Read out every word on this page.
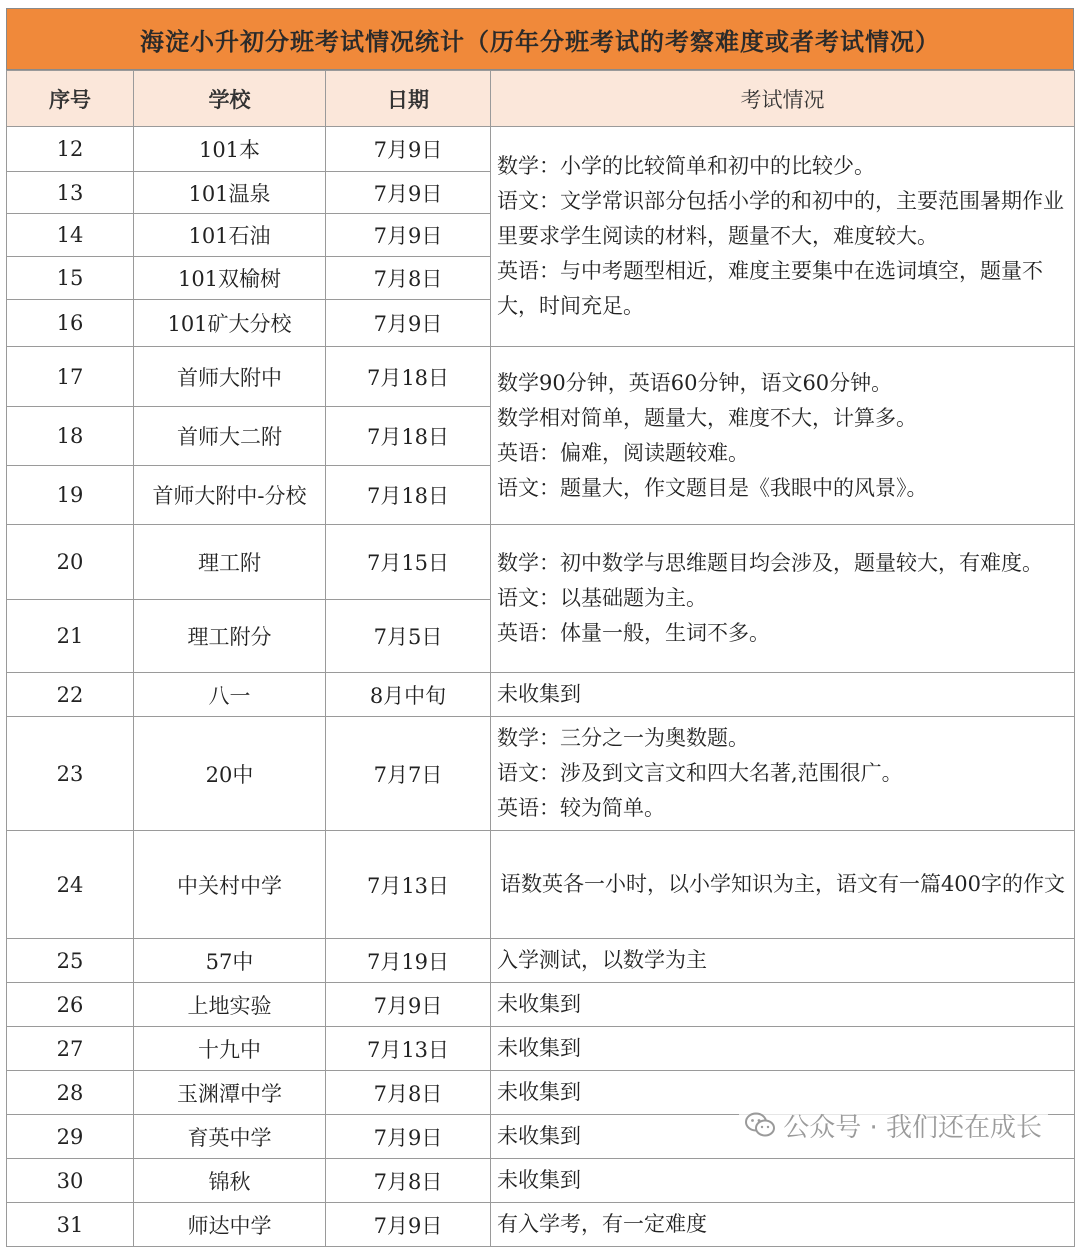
海淀小升初分班考试情况统计（历年分班考试的考察难度或者考试情况）
序号	学校	日期	考试情况
12	101本	7月9日	数学：小学的比较简单和初中的比较少。
语文：文学常识部分包括小学的和初中的，主要范围暑期作业里要求学生阅读的材料，题量不大，难度较大。
英语：与中考题型相近，难度主要集中在选词填空，题量不大，时间充足。

13	101温泉	7月9日	
14	101石油	7月9日	
15	101双榆树	7月8日	
16	101矿大分校	7月9日	
17	首师大附中	7月18日	数学90分钟，英语60分钟，语文60分钟。
数学相对简单，题量大，难度不大，计算多。
英语：偏难，阅读题较难。
语文：题量大，作文题目是《我眼中的风景》。

18	首师大二附	7月18日	
19	首师大附中-分校	7月18日	
20	理工附	7月15日	数学：初中数学与思维题目均会涉及，题量较大，有难度。
语文：以基础题为主。
英语：体量一般，生词不多。

21	理工附分	7月5日	
22	八一	8月中旬	未收集到
23	20中	7月7日	数学：三分之一为奥数题。
语文：涉及到文言文和四大名著,范围很广。
英语：较为简单。

24	中关村中学	7月13日	语数英各一小时，以小学知识为主，语文有一篇400字的作文
25	57中	7月19日	入学测试，以数学为主
26	上地实验	7月9日	未收集到
27	十九中	7月13日	未收集到
28	玉渊潭中学	7月8日	未收集到
29	育英中学	7月9日	未收集到
30	锦秋	7月8日	未收集到
31	师达中学	7月9日	有入学考，有一定难度
公众号 · 我们还在成长
